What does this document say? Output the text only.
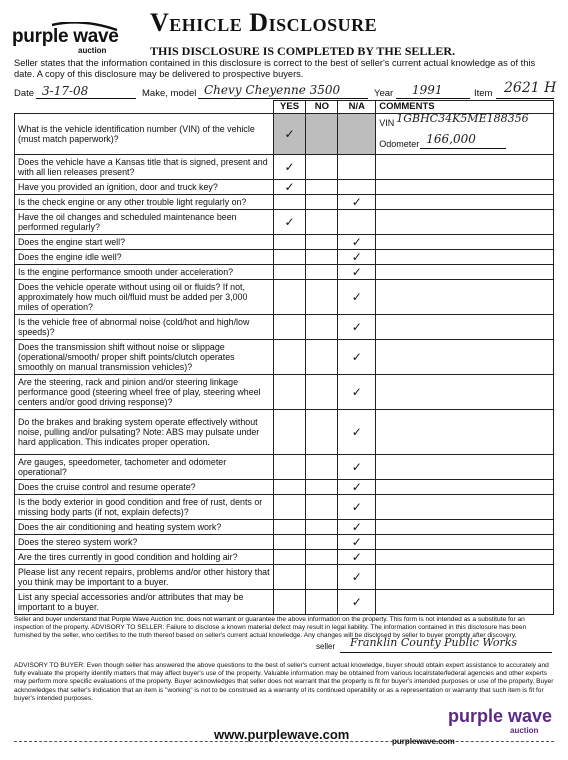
purple wave
auction
Vehicle Disclosure
THIS DISCLOSURE IS COMPLETED BY THE SELLER.
Seller states that the information contained in this disclosure is correct to the best of seller's current actual knowledge as of this date. A copy of this disclosure may be delivered to prospective buyers.
Date 3-17-08	Make, model Chevy Cheyenne 3500	Year 1991	Item 2621 H
	YES	NO	N/A	COMMENTS
What is the vehicle identification number (VIN) of the vehicle (must match paperwork)?	✓			VIN 1GBHC34K5ME188356
Odometer 166,000

Does the vehicle have a Kansas title that is signed, present and with all lien releases present?	✓			
Have you provided an ignition, door and truck key?	✓			
Is the check engine or any other trouble light regularly on?			✓	
Have the oil changes and scheduled maintenance been performed regularly?	✓			
Does the engine start well?			✓	
Does the engine idle well?			✓	
Is the engine performance smooth under acceleration?			✓	
Does the vehicle operate without using oil or fluids? If not, approximately how much oil/fluid must be added per 3,000 miles of operation?			✓	
Is the vehicle free of abnormal noise (cold/hot and high/low speeds)?			✓	
Does the transmission shift without noise or slippage (operational/smooth/ proper shift points/clutch operates smoothly on manual transmission vehicles)?			✓	
Are the steering, rack and pinion and/or steering linkage performance good (steering wheel free of play, steering wheel centers and/or good driving response)?			✓	
Do the brakes and braking system operate effectively without noise, pulling and/or pulsating? Note: ABS may pulsate under hard application. This indicates proper operation.			✓	
Are gauges, speedometer, tachometer and odometer operational?			✓	
Does the cruise control and resume operate?			✓	
Is the body exterior in good condition and free of rust, dents or missing body parts (if not, explain defects)?			✓	
Does the air conditioning and heating system work?			✓	
Does the stereo system work?			✓	
Are the tires currently in good condition and holding air?			✓	
Please list any recent repairs, problems and/or other history that you think may be important to a buyer.			✓	
List any special accessories and/or attributes that may be important to a buyer.			✓	
Seller and buyer understand that Purple Wave Auction Inc. does not warrant or guarantee the above information on the property. This form is not intended as a substitute for an inspection of the property. ADVISORY TO SELLER: Failure to disclose a known material defect may result in legal liability. The information contained in this disclosure has been furnished by the seller, who certifies to the truth thereof based on seller's current actual knowledge. Any changes will be disclosed by seller to buyer promptly after discovery.
seller Franklin County Public Works
ADVISORY TO BUYER: Even though seller has answered the above questions to the best of seller's current actual knowledge, buyer should obtain expert assistance to accurately and fully evaluate the property identify matters that may affect buyer's use of the property. Valuable information may be obtained from various local/state/federal agencies and other experts may perform more specific evaluations of the property. Buyer acknowledges that seller does not warrant that the property is fit for buyer's intended purposes or use of the property. Buyer acknowledges that seller's indication that an item is "working" is not to be construed as a warranty of its continued operability or as a representation or warranty that such item is fit for buyer's intended purposes.
purple wave
auction
www.purplewave.com	purplewave.com
